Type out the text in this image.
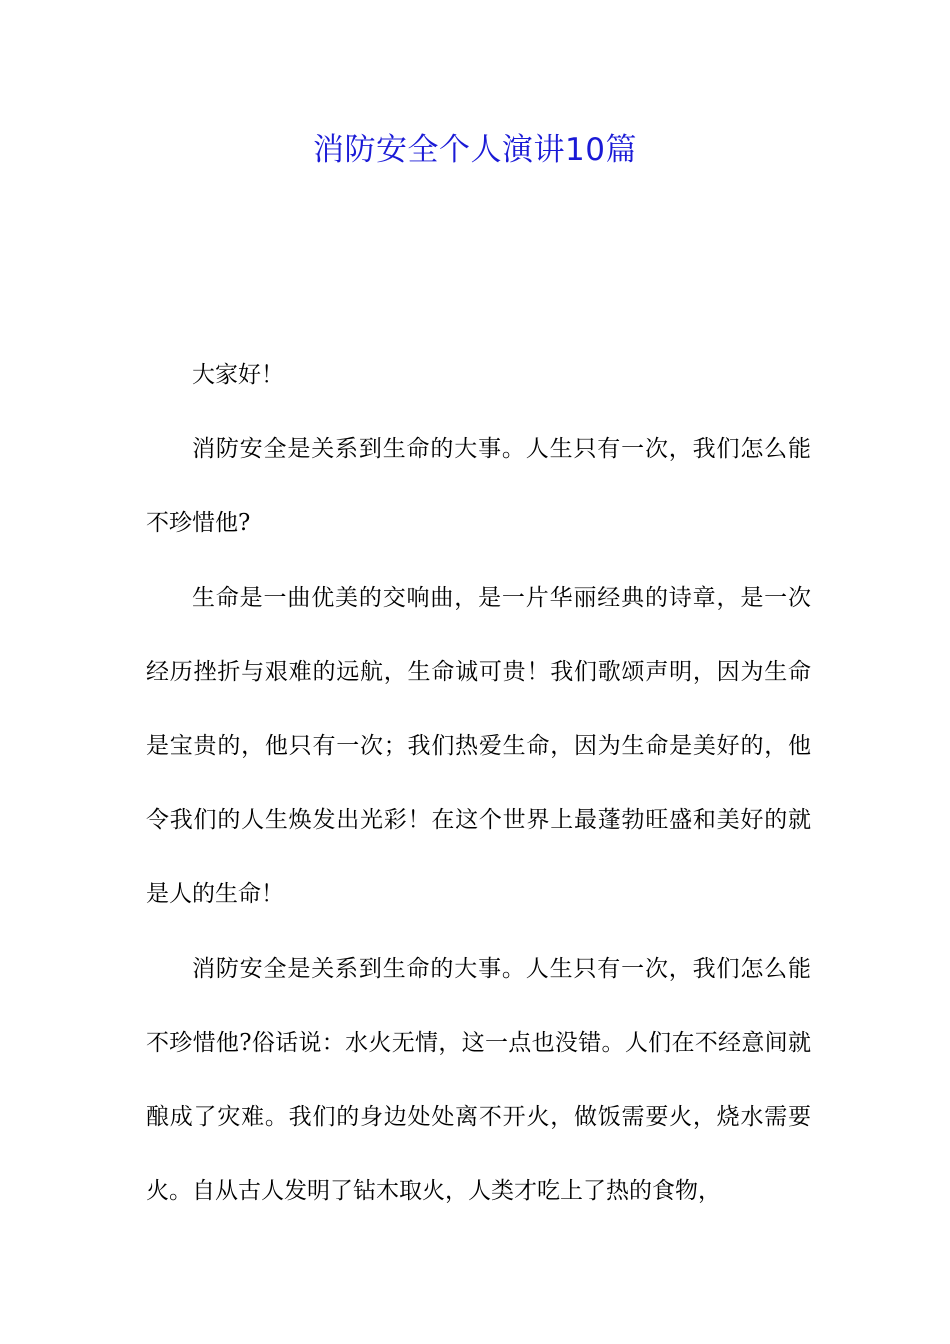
消防安全个人演讲10篇

大家好！

消防安全是关系到生命的大事。人生只有一次，我们怎么能不珍惜他?

生命是一曲优美的交响曲，是一片华丽经典的诗章，是一次经历挫折与艰难的远航，生命诚可贵！我们歌颂声明，因为生命是宝贵的，他只有一次；我们热爱生命，因为生命是美好的，他令我们的人生焕发出光彩！在这个世界上最蓬勃旺盛和美好的就是人的生命！

消防安全是关系到生命的大事。人生只有一次，我们怎么能不珍惜他?俗话说：水火无情，这一点也没错。人们在不经意间就酿成了灾难。我们的身边处处离不开火，做饭需要火，烧水需要火。自从古人发明了钻木取火，人类才吃上了热的食物，
